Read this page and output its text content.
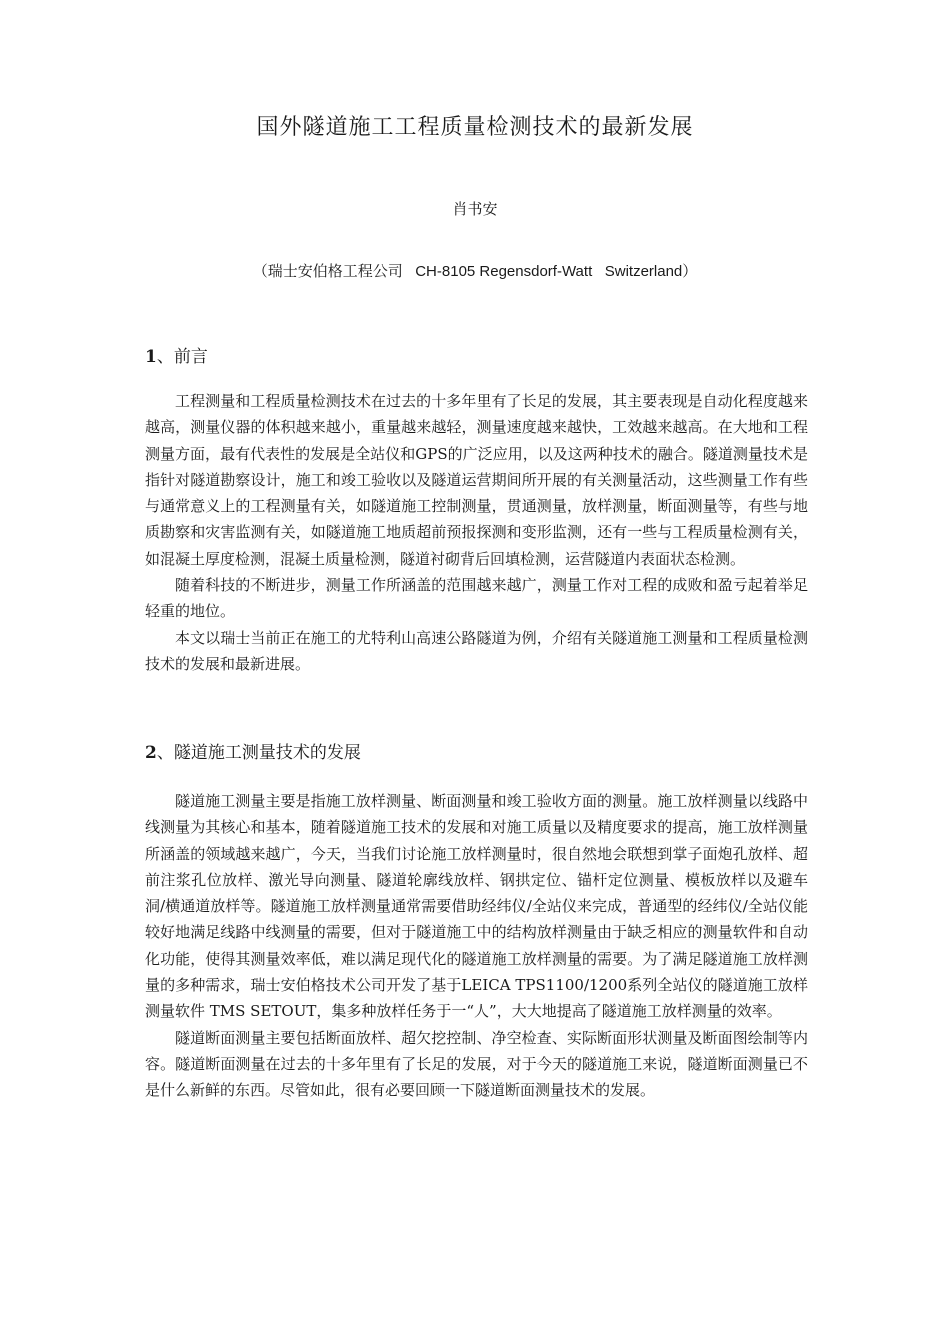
国外隧道施工工程质量检测技术的最新发展
肖书安
（瑞士安伯格工程公司 CH-8105 Regensdorf-Watt   Switzerland）
1、前言

工程测量和工程质量检测技术在过去的十多年里有了长足的发展，其主要表现是自动化程度越来越高，测量仪器的体积越来越小，重量越来越轻，测量速度越来越快，工效越来越高。在大地和工程测量方面，最有代表性的发展是全站仪和GPS的广泛应用，以及这两种技术的融合。隧道测量技术是指针对隧道勘察设计，施工和竣工验收以及隧道运营期间所开展的有关测量活动，这些测量工作有些与通常意义上的工程测量有关，如隧道施工控制测量，贯通测量，放样测量，断面测量等，有些与地质勘察和灾害监测有关，如隧道施工地质超前预报探测和变形监测，还有一些与工程质量检测有关，如混凝土厚度检测，混凝土质量检测，隧道衬砌背后回填检测，运营隧道内表面状态检测。

随着科技的不断进步，测量工作所涵盖的范围越来越广，测量工作对工程的成败和盈亏起着举足轻重的地位。

本文以瑞士当前正在施工的尤特利山高速公路隧道为例，介绍有关隧道施工测量和工程质量检测技术的发展和最新进展。

2、隧道施工测量技术的发展

隧道施工测量主要是指施工放样测量、断面测量和竣工验收方面的测量。施工放样测量以线路中线测量为其核心和基本，随着隧道施工技术的发展和对施工质量以及精度要求的提高，施工放样测量所涵盖的领域越来越广，今天，当我们讨论施工放样测量时，很自然地会联想到掌子面炮孔放样、超前注浆孔位放样、激光导向测量、隧道轮廓线放样、钢拱定位、锚杆定位测量、模板放样以及避车洞/横通道放样等。隧道施工放样测量通常需要借助经纬仪/全站仪来完成，普通型的经纬仪/全站仪能较好地满足线路中线测量的需要，但对于隧道施工中的结构放样测量由于缺乏相应的测量软件和自动化功能，使得其测量效率低，难以满足现代化的隧道施工放样测量的需要。为了满足隧道施工放样测量的多种需求，瑞士安伯格技术公司开发了基于LEICA TPS1100/1200系列全站仪的隧道施工放样测量软件 TMS SETOUT，集多种放样任务于一“人”，大大地提高了隧道施工放样测量的效率。

隧道断面测量主要包括断面放样、超欠挖控制、净空检查、实际断面形状测量及断面图绘制等内容。隧道断面测量在过去的十多年里有了长足的发展，对于今天的隧道施工来说，隧道断面测量已不是什么新鲜的东西。尽管如此，很有必要回顾一下隧道断面测量技术的发展。
